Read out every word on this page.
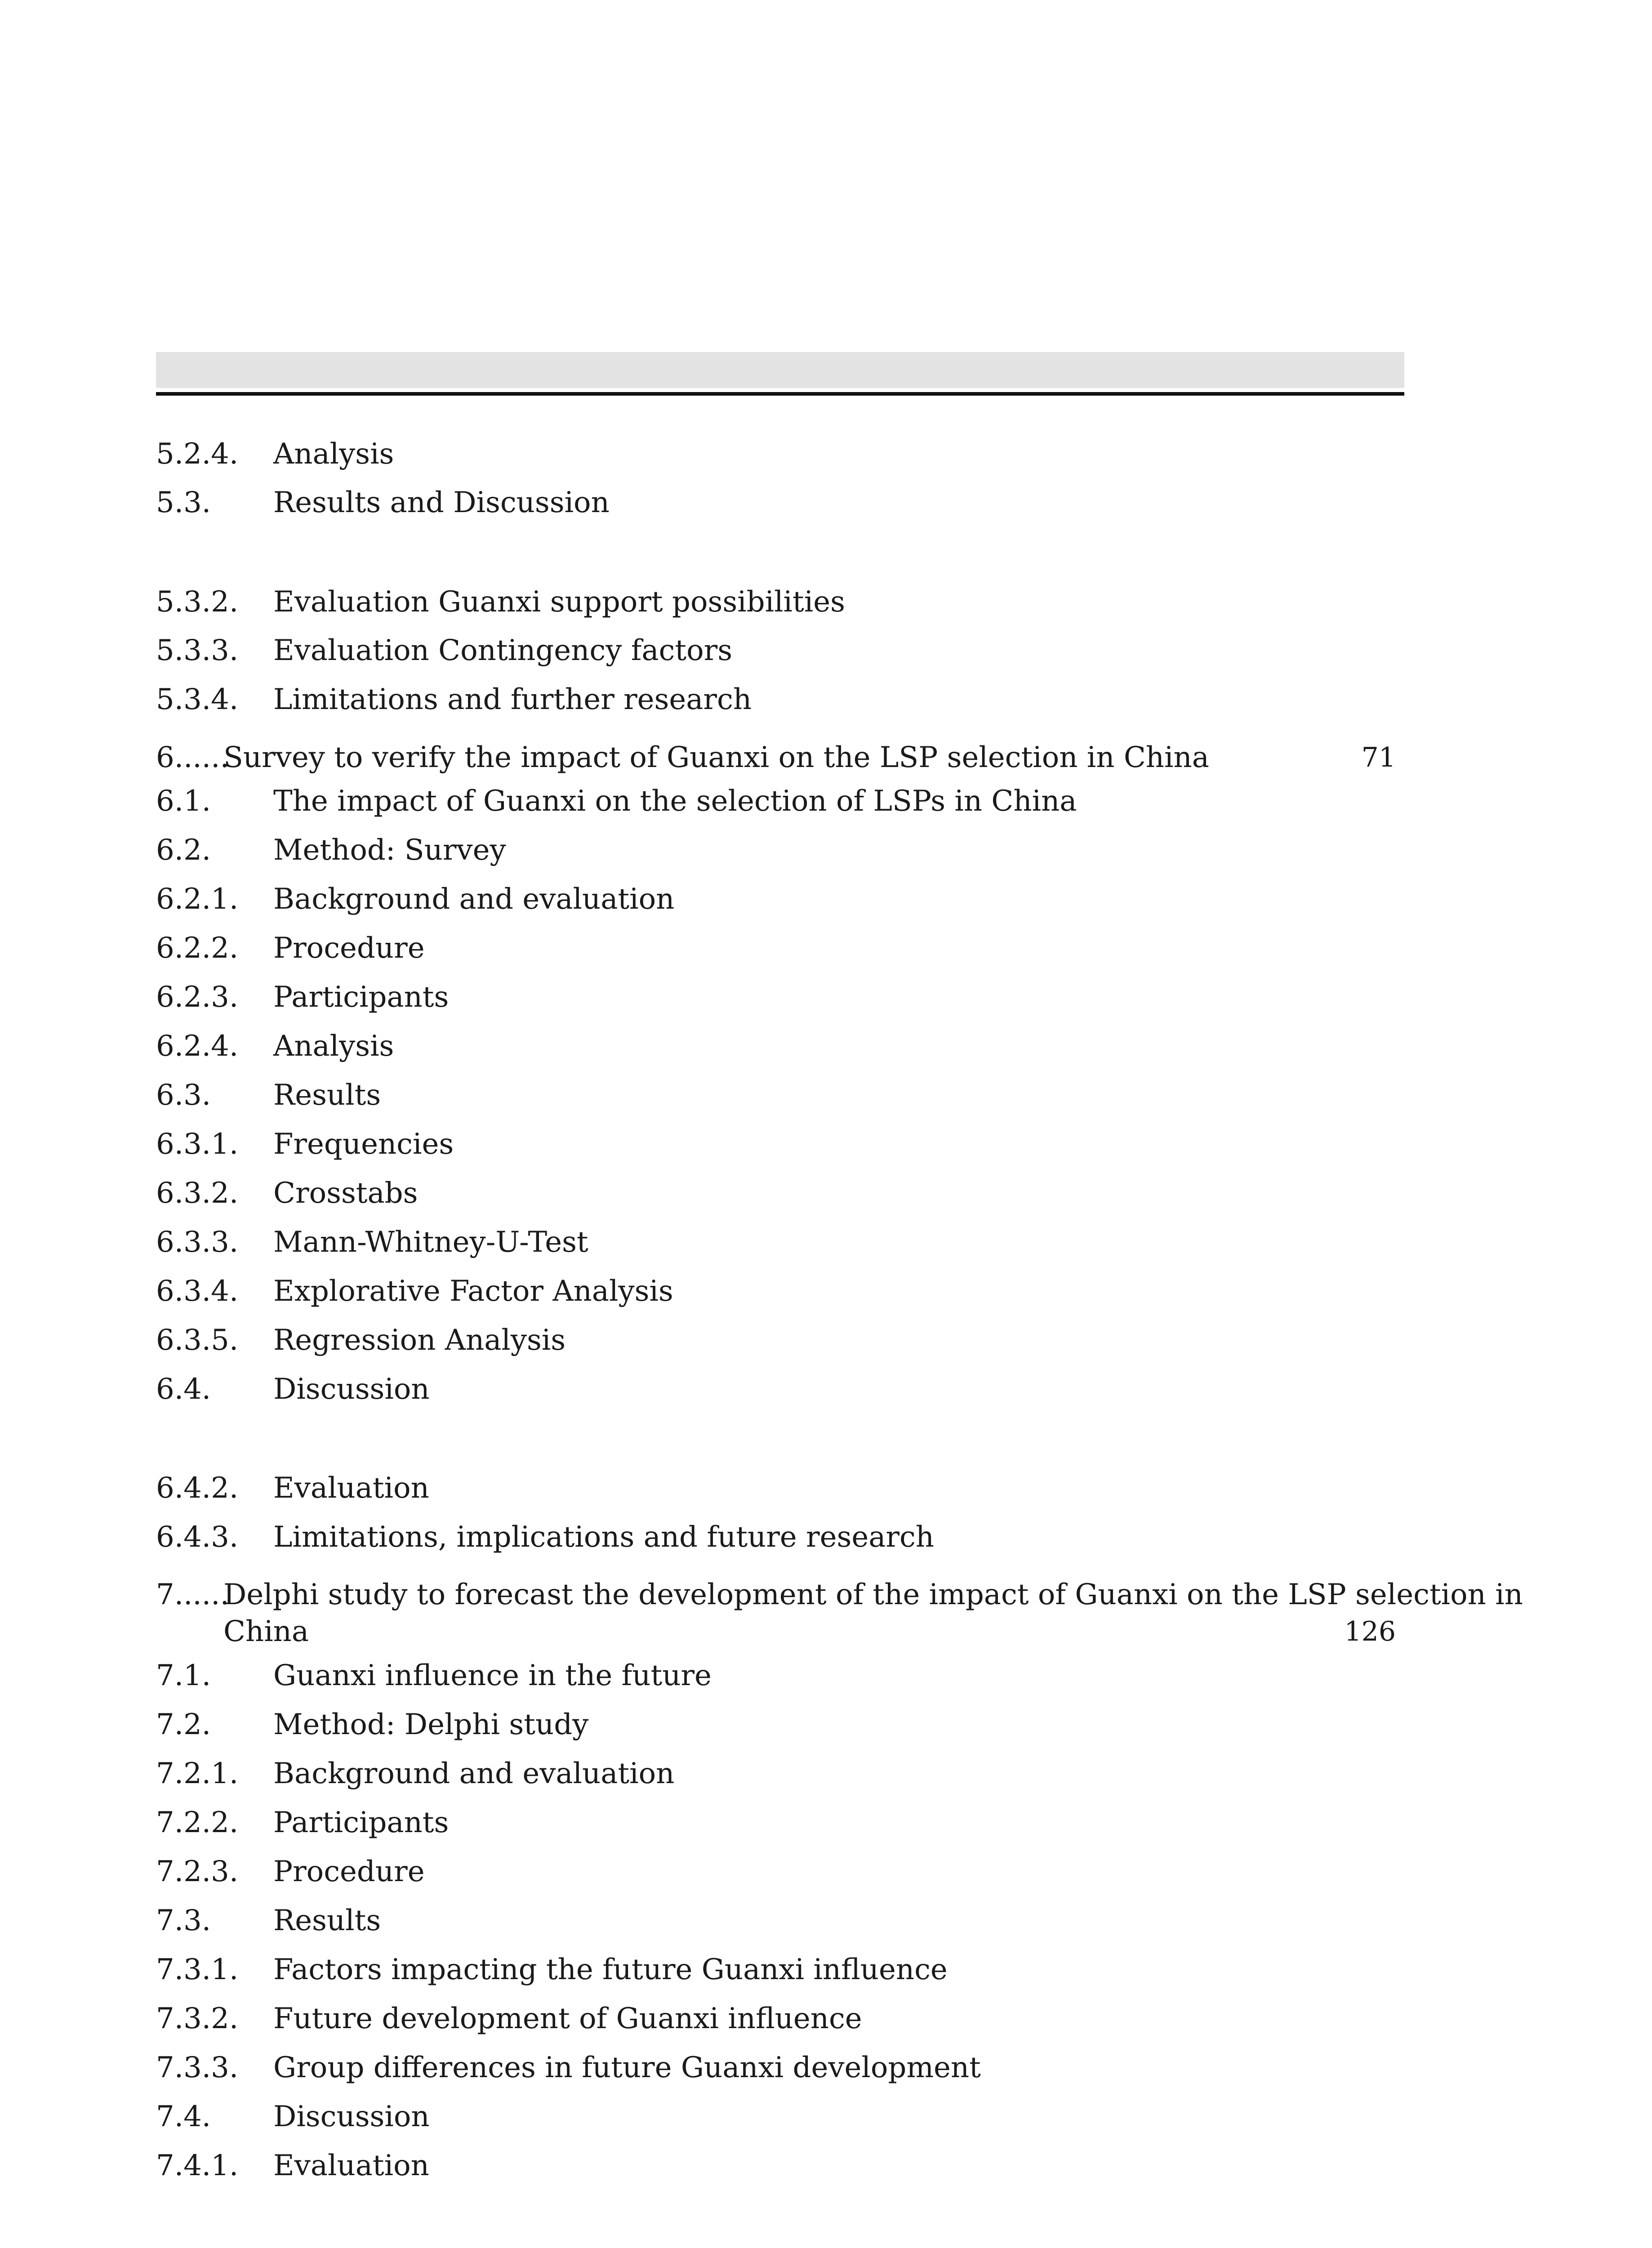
5.2.4. Analysis
5.3. Results and Discussion
5.3.2. Evaluation Guanxi support possibilities
5.3.3. Evaluation Contingency factors
5.3.4. Limitations and further research
6......
Survey to verify the impact of Guanxi on the LSP selection in China	71
6.1. The impact of Guanxi on the selection of LSPs in China
6.2. Method: Survey
6.2.1. Background and evaluation
6.2.2. Procedure
6.2.3. Participants
6.2.4. Analysis
6.3. Results
6.3.1. Frequencies
6.3.2. Crosstabs
6.3.3. Mann-Whitney-U-Test
6.3.4. Explorative Factor Analysis
6.3.5. Regression Analysis
6.4. Discussion
6.4.2. Evaluation
6.4.3. Limitations, implications and future research
7......
Delphi study to forecast the development of the impact of Guanxi on the LSP selection in
China	126
7.1. Guanxi influence in the future
7.2. Method: Delphi study
7.2.1. Background and evaluation
7.2.2. Participants
7.2.3. Procedure
7.3. Results
7.3.1. Factors impacting the future Guanxi influence
7.3.2. Future development of Guanxi influence
7.3.3. Group differences in future Guanxi development
7.4. Discussion
7.4.1. Evaluation
